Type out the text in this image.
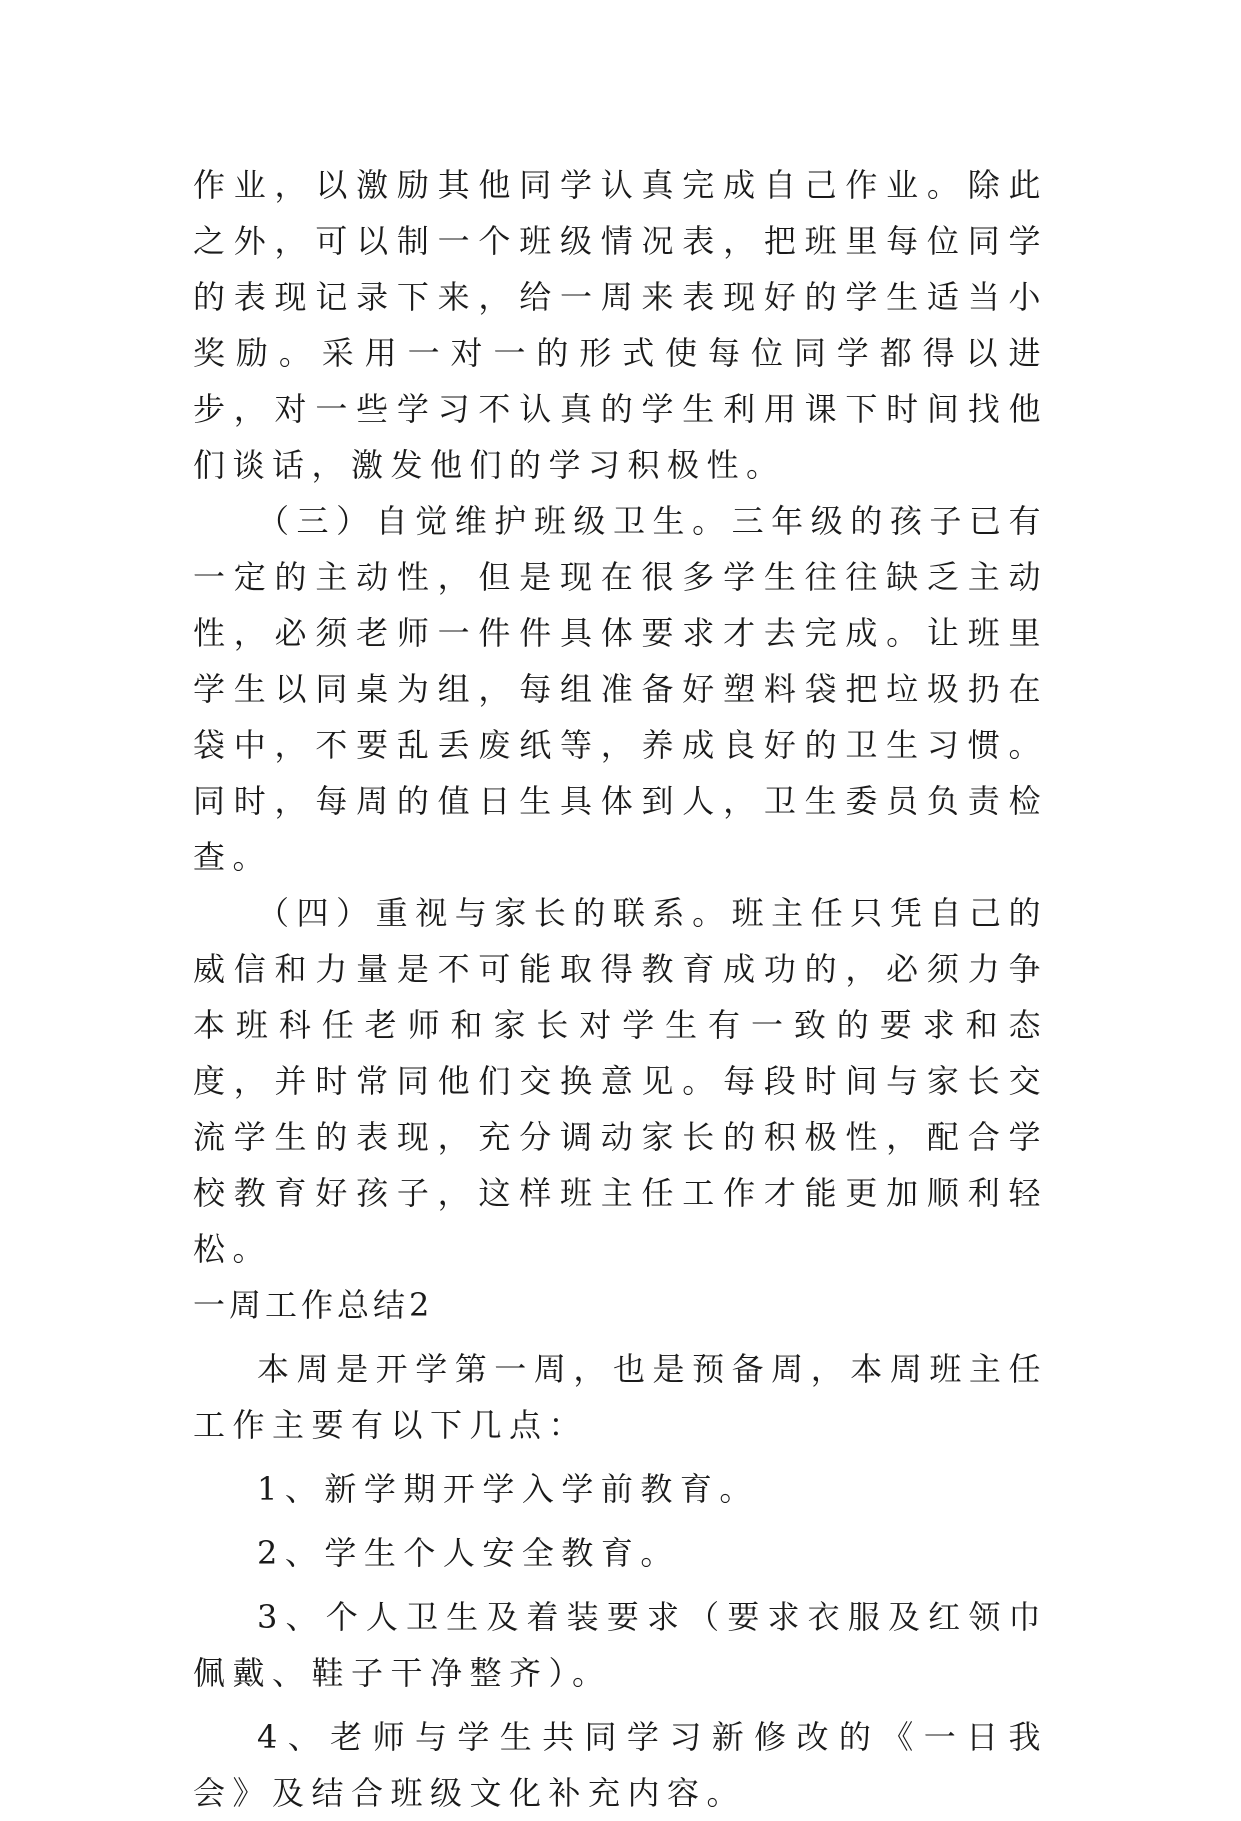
作业，以激励其他同学认真完成自己作业。除此之外，可以制一个班级情况表，把班里每位同学的表现记录下来，给一周来表现好的学生适当小奖励。采用一对一的形式使每位同学都得以进步，对一些学习不认真的学生利用课下时间找他们谈话，激发他们的学习积极性。

（三）自觉维护班级卫生。三年级的孩子已有一定的主动性，但是现在很多学生往往缺乏主动性，必须老师一件件具体要求才去完成。让班里学生以同桌为组，每组准备好塑料袋把垃圾扔在袋中，不要乱丢废纸等，养成良好的卫生习惯。同时，每周的值日生具体到人，卫生委员负责检查。

（四）重视与家长的联系。班主任只凭自己的威信和力量是不可能取得教育成功的，必须力争本班科任老师和家长对学生有一致的要求和态度，并时常同他们交换意见。每段时间与家长交流学生的表现，充分调动家长的积极性，配合学校教育好孩子，这样班主任工作才能更加顺利轻松。

一周工作总结2

本周是开学第一周，也是预备周，本周班主任工作主要有以下几点：

1、新学期开学入学前教育。

2、学生个人安全教育。

3、个人卫生及着装要求（要求衣服及红领巾佩戴、鞋子干净整齐）。

4、老师与学生共同学习新修改的《一日我会》及结合班级文化补充内容。
